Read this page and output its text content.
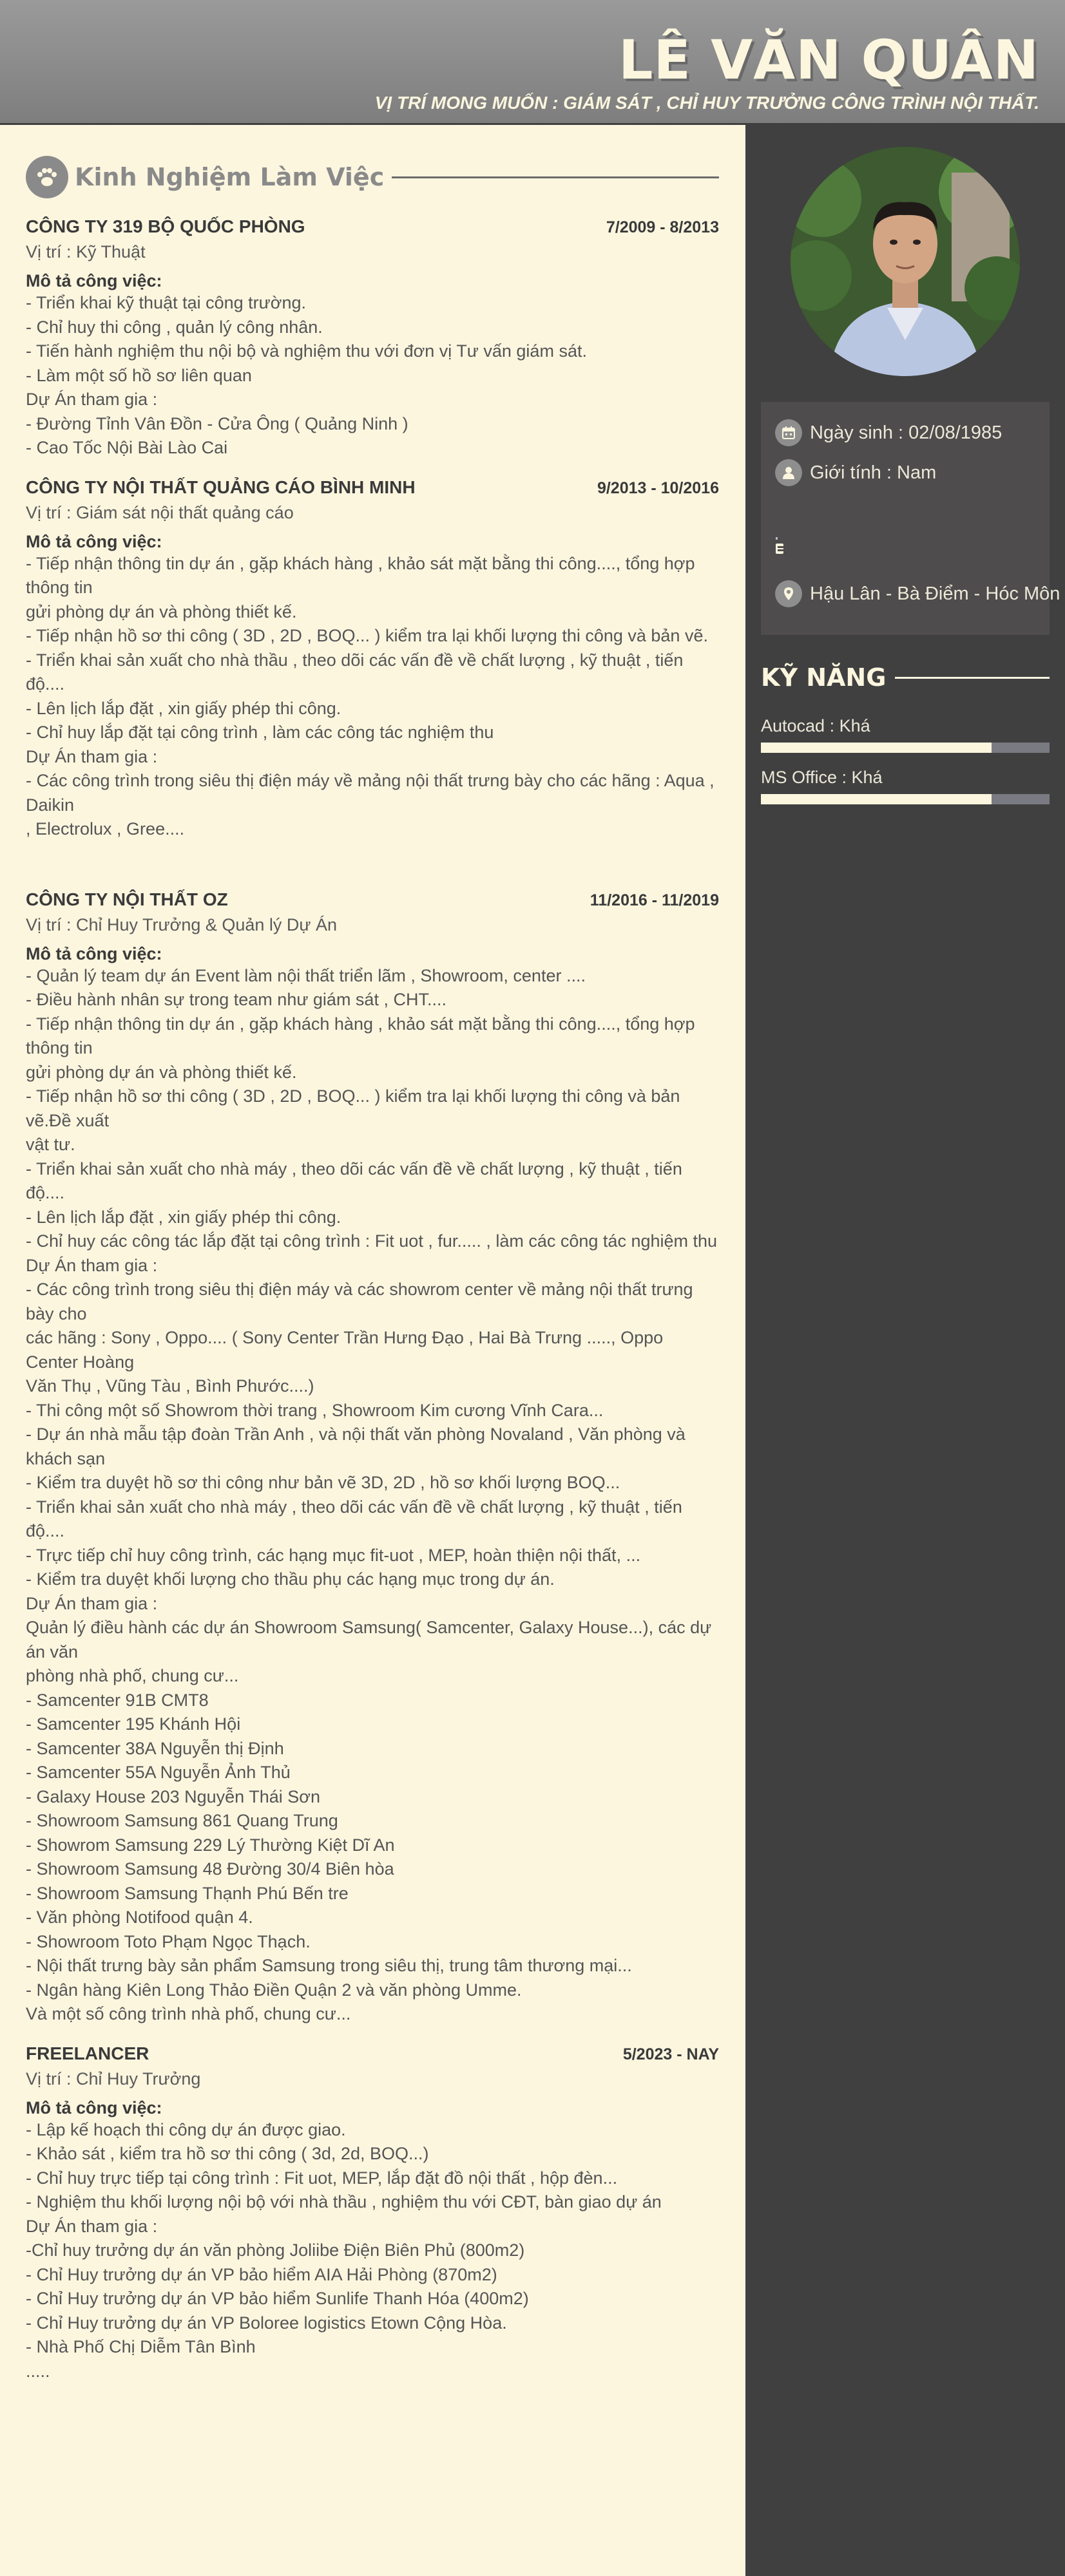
LÊ VĂN QUÂN
VỊ TRÍ MONG MUỐN : GIÁM SÁT , CHỈ HUY TRƯỞNG CÔNG TRÌNH NỘI THẤT.
Kinh Nghiệm Làm Việc
CÔNG TY 319 BỘ QUỐC PHÒNG	7/2009 - 8/2013
Vị trí : Kỹ Thuật
Mô tả công việc:
- Triển khai kỹ thuật tại công trường.
- Chỉ huy thi công , quản lý công nhân.
- Tiến hành nghiệm thu nội bộ và nghiệm thu với đơn vị Tư vấn giám sát.
- Làm một số hồ sơ liên quan
Dự Án tham gia :
- Đường Tỉnh Vân Đồn - Cửa Ông ( Quảng Ninh )
- Cao Tốc Nội Bài Lào Cai
CÔNG TY NỘI THẤT QUẢNG CÁO BÌNH MINH	9/2013 - 10/2016
Vị trí : Giám sát nội thất quảng cáo
Mô tả công việc:
- Tiếp nhận thông tin dự án , gặp khách hàng , khảo sát mặt bằng thi công...., tổng hợp thông tin
gửi phòng dự án và phòng thiết kế.
- Tiếp nhận hồ sơ thi công ( 3D , 2D , BOQ... ) kiểm tra lại khối lượng thi công và bản vẽ.
- Triển khai sản xuất cho nhà thầu , theo dõi các vấn đề về chất lượng , kỹ thuật , tiến độ....
- Lên lịch lắp đặt , xin giấy phép thi công.
- Chỉ huy lắp đặt tại công trình , làm các công tác nghiệm thu
Dự Án tham gia :
- Các công trình trong siêu thị điện máy về mảng nội thất trưng bày cho các hãng : Aqua , Daikin
, Electrolux , Gree....
CÔNG TY NỘI THẤT OZ	11/2016 - 11/2019
Vị trí : Chỉ Huy Trưởng & Quản lý Dự Án
Mô tả công việc:
- Quản lý team dự án Event làm nội thất triển lãm , Showroom, center ....
- Điều hành nhân sự trong team như giám sát , CHT....
- Tiếp nhận thông tin dự án , gặp khách hàng , khảo sát mặt bằng thi công...., tổng hợp thông tin
gửi phòng dự án và phòng thiết kế.
- Tiếp nhận hồ sơ thi công ( 3D , 2D , BOQ... ) kiểm tra lại khối lượng thi công và bản vẽ.Đề xuất
vật tư.
- Triển khai sản xuất cho nhà máy , theo dõi các vấn đề về chất lượng , kỹ thuật , tiến độ....
- Lên lịch lắp đặt , xin giấy phép thi công.
- Chỉ huy các công tác lắp đặt tại công trình : Fit uot , fur..... , làm các công tác nghiệm thu
Dự Án tham gia :
- Các công trình trong siêu thị điện máy và các showrom center về mảng nội thất trưng bày cho
các hãng : Sony , Oppo.... ( Sony Center Trần Hưng Đạo , Hai Bà Trưng ....., Oppo Center Hoàng
Văn Thụ , Vũng Tàu , Bình Phước....)
- Thi công một số Showrom thời trang , Showroom Kim cương Vĩnh Cara...
- Dự án nhà mẫu tập đoàn Trần Anh , và nội thất văn phòng Novaland , Văn phòng và khách sạn
- Kiểm tra duyệt hồ sơ thi công như bản vẽ 3D, 2D , hồ sơ khối lượng BOQ...
- Triển khai sản xuất cho nhà máy , theo dõi các vấn đề về chất lượng , kỹ thuật , tiến độ....
- Trực tiếp chỉ huy công trình, các hạng mục fit-uot , MEP, hoàn thiện nội thất, ...
- Kiểm tra duyệt khối lượng cho thầu phụ các hạng mục trong dự án.
Dự Án tham gia :
Quản lý điều hành các dự án Showroom Samsung( Samcenter, Galaxy House...), các dự án văn
phòng nhà phố, chung cư...
- Samcenter 91B CMT8
- Samcenter 195 Khánh Hội
- Samcenter 38A Nguyễn thị Định
- Samcenter 55A Nguyễn Ảnh Thủ
- Galaxy House 203 Nguyễn Thái Sơn
- Showroom Samsung 861 Quang Trung
- Showrom Samsung 229 Lý Thường Kiệt Dĩ An
- Showroom Samsung 48 Đường 30/4 Biên hòa
- Showroom Samsung Thạnh Phú Bến tre
- Văn phòng Notifood quận 4.
- Showroom Toto Phạm Ngọc Thạch.
- Nội thất trưng bày sản phẩm Samsung trong siêu thị, trung tâm thương mại...
- Ngân hàng Kiên Long Thảo Điền Quận 2 và văn phòng Umme.
Và một số công trình nhà phố, chung cư...
FREELANCER	5/2023 - NAY
Vị trí : Chỉ Huy Trưởng
Mô tả công việc:
- Lập kế hoạch thi công dự án được giao.
- Khảo sát , kiểm tra hồ sơ thi công ( 3d, 2d, BOQ...)
- Chỉ huy trực tiếp tại công trình : Fit uot, MEP, lắp đặt đồ nội thất , hộp đèn...
- Nghiệm thu khối lượng nội bộ với nhà thầu , nghiệm thu với CĐT, bàn giao dự án
Dự Án tham gia :
-Chỉ huy trưởng dự án văn phòng Joliibe Điện Biên Phủ (800m2)
- Chỉ Huy trưởng dự án VP bảo hiểm AIA Hải Phòng (870m2)
- Chỉ Huy trưởng dự án VP bảo hiểm Sunlife Thanh Hóa (400m2)
- Chỉ Huy trưởng dự án VP Boloree logistics Etown Cộng Hòa.
- Nhà Phố Chị Diễm Tân Bình
.....
Ngày sinh : 02/08/1985
Giới tính : Nam
Hậu Lân - Bà Điểm - Hóc Môn
KỸ NĂNG
Autocad : Khá
MS Office : Khá
